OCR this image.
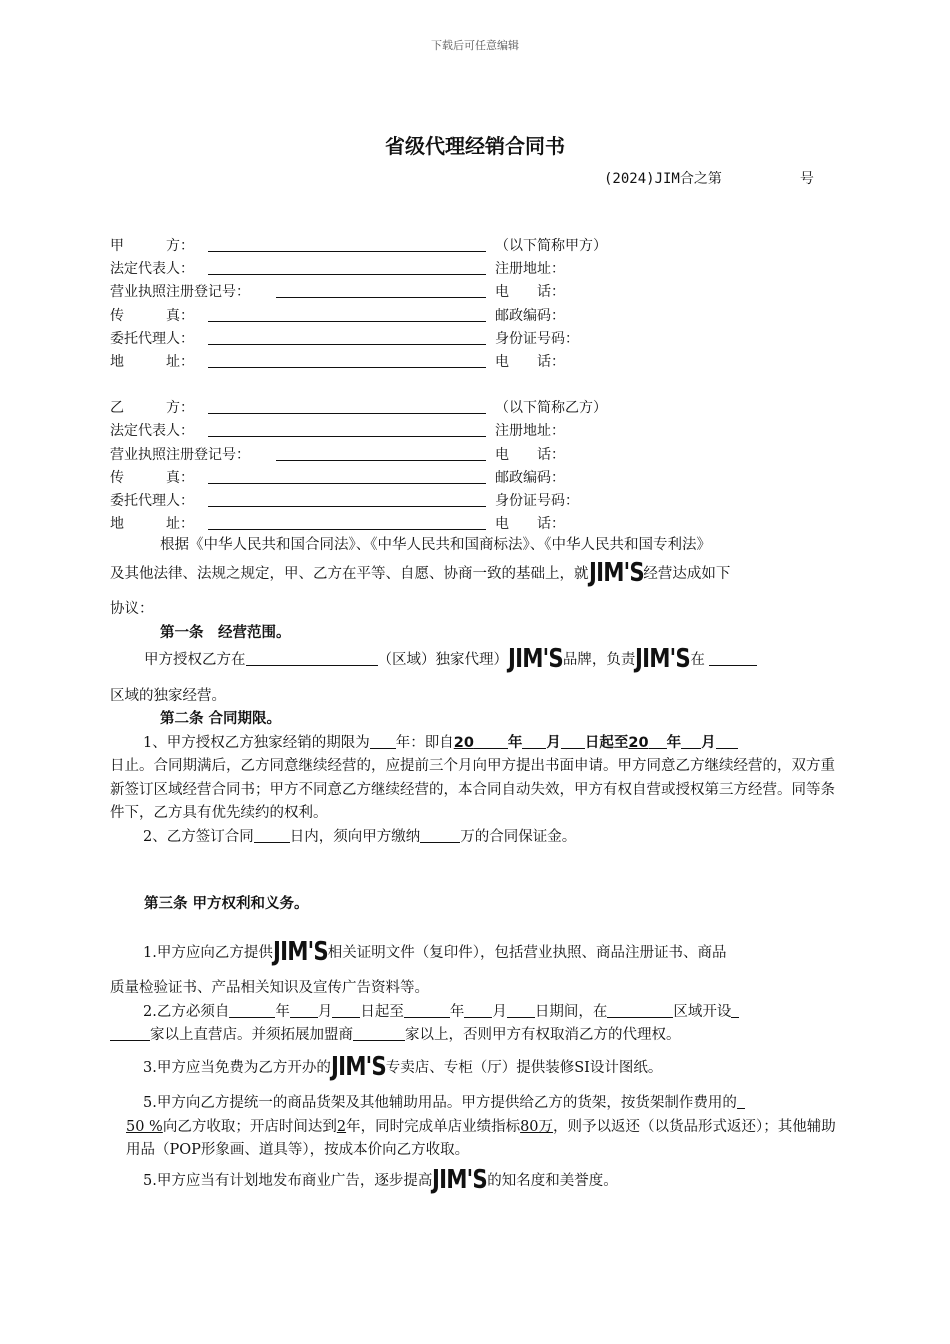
下载后可任意编辑
省级代理经销合同书
(2024)JIM合之第	号
甲　　　方：	（以下简称甲方）
法定代表人：	注册地址：
营业执照注册登记号：	电　　话：
传　　　真：	邮政编码：
委托代理人：	身份证号码：
地　　　址：	电　　话：
乙　　　方：	（以下简称乙方）
法定代表人：	注册地址：
营业执照注册登记号：	电　　话：
传　　　真：	邮政编码：
委托代理人：	身份证号码：
地　　　址：	电　　话：

根据《中华人民共和国合同法》、《中华人民共和国商标法》、《中华人民共和国专利法》

及其他法律、法规之规定，甲、乙方在平等、自愿、协商一致的基础上，就JIM'S经营达成如下

协议：

第一条　经营范围。

甲方授权乙方在	（区域）独家代理）JIM'S品牌，负责JIM'S在

区域的独家经营。

第二条 合同期限。

1、甲方授权乙方独家经销的期限为 年：即自20 年 月 日起至20 年 月

日止。合同期满后，乙方同意继续经营的，应提前三个月向甲方提出书面申请。甲方同意乙方继续经营的，双方重新签订区域经营合同书；甲方不同意乙方继续经营的，本合同自动失效，甲方有权自营或授权第三方经营。同等条件下，乙方具有优先续约的权利。

2、乙方签订合同 日内，须向甲方缴纳	万的合同保证金。

第三条 甲方权利和义务。

1.甲方应向乙方提供JIM'S相关证明文件（复印件），包括营业执照、商品注册证书、商品

质量检验证书、产品相关知识及宣传广告资料等。

2.乙方必须自	年 月 日起至	年 月 日期间，在	区域开设

家以上直营店。并须拓展加盟商	家以上，否则甲方有权取消乙方的代理权。

3.甲方应当免费为乙方开办的JIM'S专卖店、专柜（厅）提供装修SI设计图纸。

5.甲方向乙方提统一的商品货架及其他辅助用品。甲方提供给乙方的货架，按货架制作费用的

50 %向乙方收取；开店时间达到2年，同时完成单店业绩指标80万，则予以返还（以货品形式返还）；其他辅助用品（POP形象画、道具等），按成本价向乙方收取。

5.甲方应当有计划地发布商业广告，逐步提高JIM'S的知名度和美誉度。
